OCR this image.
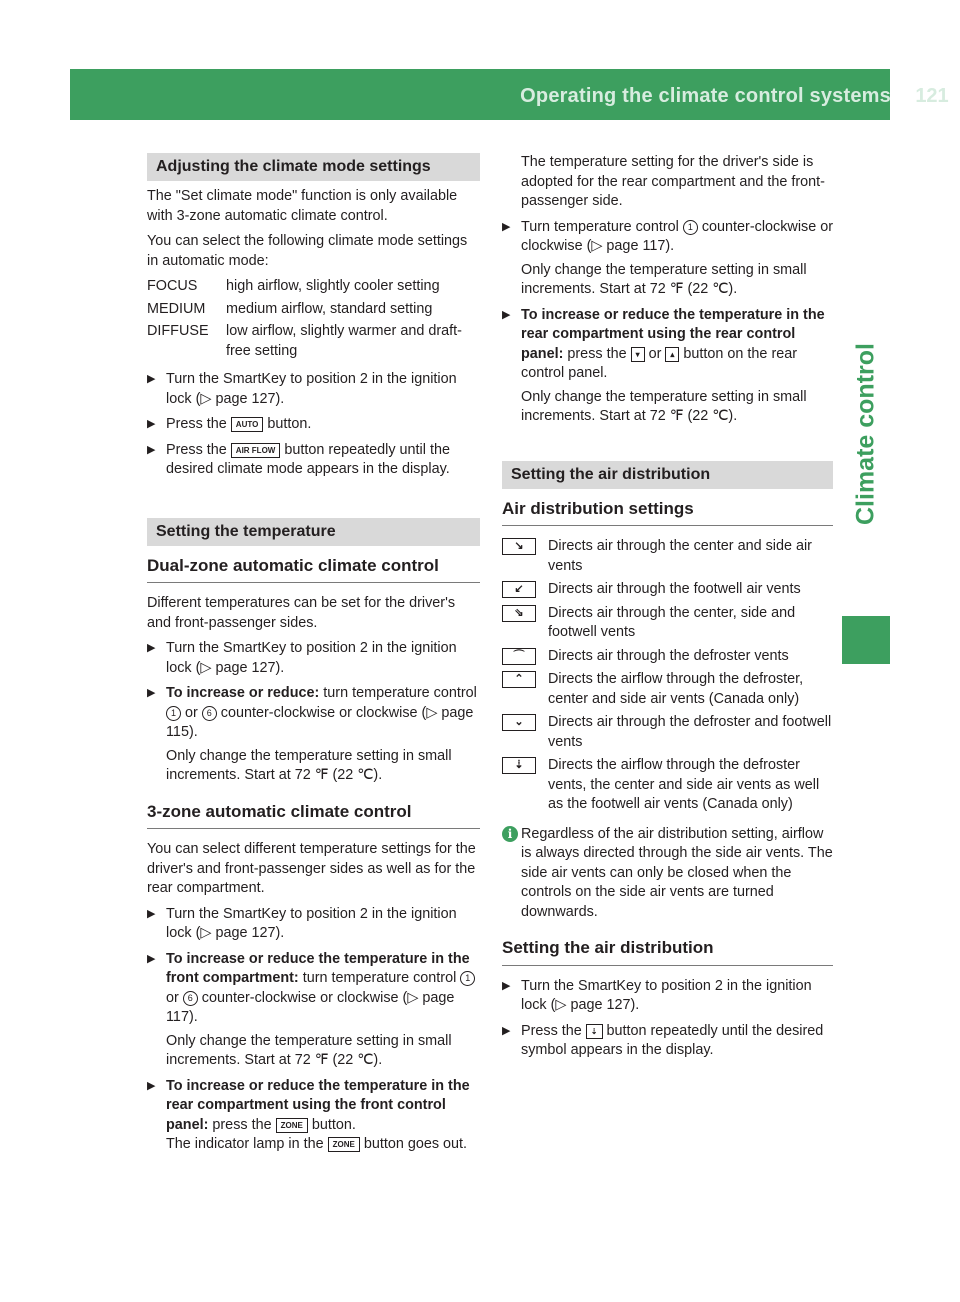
Operating the climate control systems	121
Climate control
Adjusting the climate mode settings

The "Set climate mode" function is only available with 3-zone automatic climate control.

You can select the following climate mode settings in automatic mode:

FOCUS	high airflow, slightly cooler setting
MEDIUM	medium airflow, standard setting
DIFFUSE	low airflow, slightly warmer and draft-free setting
▶ Turn the SmartKey to position 2 in the ignition lock (▷ page 127).
▶ Press the AUTO button.
▶ Press the AIR FLOW button repeatedly until the desired climate mode appears in the display.
Setting the temperature
Dual-zone automatic climate control

Different temperatures can be set for the driver's and front-passenger sides.

▶ Turn the SmartKey to position 2 in the ignition lock (▷ page 127).
▶ To increase or reduce: turn temperature control 1 or 6 counter-clockwise or clockwise (▷ page 115).
Only change the temperature setting in small increments. Start at 72 ℉ (22 ℃).
3-zone automatic climate control

You can select different temperature settings for the driver's and front-passenger sides as well as for the rear compartment.

▶ Turn the SmartKey to position 2 in the ignition lock (▷ page 127).
▶ To increase or reduce the temperature in the front compartment: turn temperature control 1 or 6 counter-clockwise or clockwise (▷ page 117).
Only change the temperature setting in small increments. Start at 72 ℉ (22 ℃).
▶ To increase or reduce the temperature in the rear compartment using the front control panel: press the ZONE button.
The indicator lamp in the ZONE button goes out.

The temperature setting for the driver's side is adopted for the rear compartment and the front-passenger side.

▶ Turn temperature control 1 counter-clockwise or clockwise (▷ page 117).
Only change the temperature setting in small increments. Start at 72 ℉ (22 ℃).
▶ To increase or reduce the temperature in the rear compartment using the rear control panel: press the ▾ or ▴ button on the rear control panel.
Only change the temperature setting in small increments. Start at 72 ℉ (22 ℃).
Setting the air distribution
Air distribution settings
↘	Directs air through the center and side air vents
↙	Directs air through the footwell air vents
⇘	Directs air through the center, side and footwell vents
⌒	Directs air through the defroster vents
⌃	Directs the airflow through the defroster, center and side air vents (Canada only)
⌄	Directs air through the defroster and footwell vents
⇣	Directs the airflow through the defroster vents, the center and side air vents as well as the footwell air vents (Canada only)
i Regardless of the air distribution setting, airflow is always directed through the side air vents. The side air vents can only be closed when the controls on the side air vents are turned downwards.
Setting the air distribution
▶ Turn the SmartKey to position 2 in the ignition lock (▷ page 127).
▶ Press the ⇣ button repeatedly until the desired symbol appears in the display.
